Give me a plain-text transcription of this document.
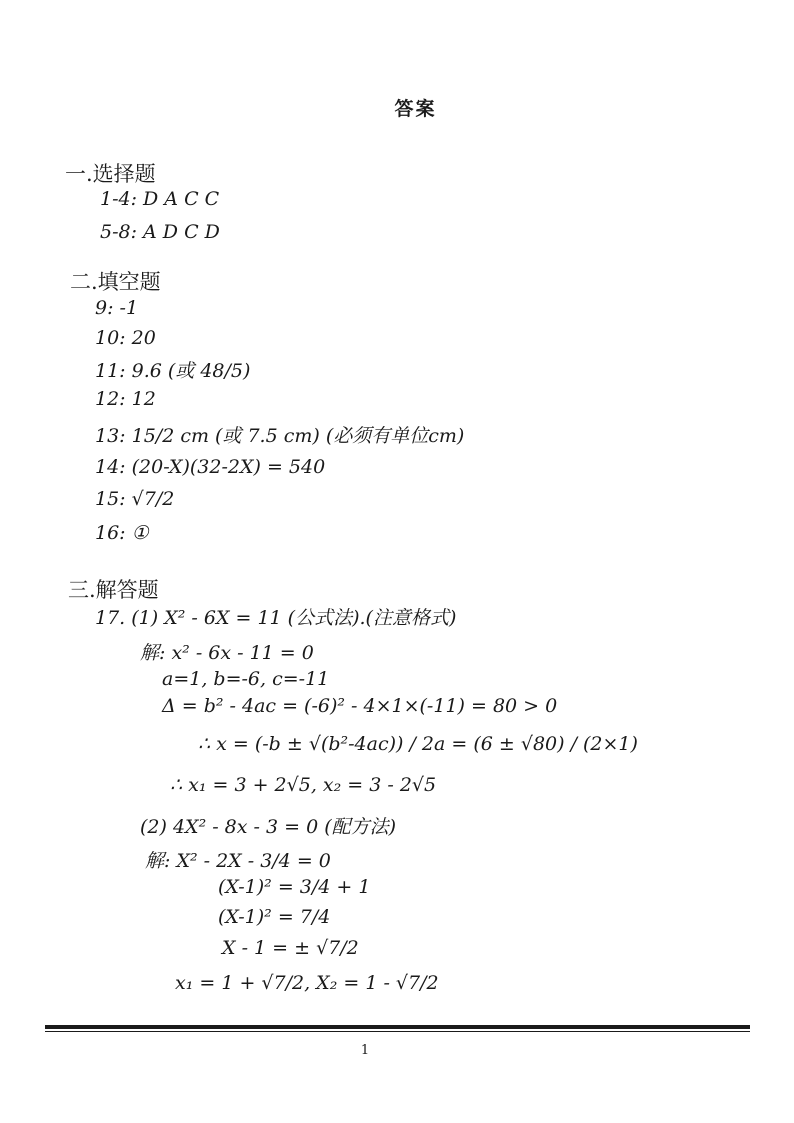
答案
一.选择题
1-4: D A C C
5-8: A D C D
二.填空题
9: -1
10: 20
11: 9.6 (或 48/5)
12: 12
13: 15/2 cm (或 7.5 cm) (必须有单位cm)
14: (20-X)(32-2X) = 540
15: √7/2
16: ①
三.解答题
17. (1) X² - 6X = 11 (公式法).(注意格式)
解: x² - 6x - 11 = 0
a=1, b=-6, c=-11
Δ = b² - 4ac = (-6)² - 4×1×(-11) = 80 > 0
∴ x = (-b ± √(b²-4ac)) / 2a = (6 ± √80) / (2×1)
∴ x₁ = 3 + 2√5, x₂ = 3 - 2√5
(2) 4X² - 8x - 3 = 0 (配方法)
解: X² - 2X - 3/4 = 0
(X-1)² = 3/4 + 1
(X-1)² = 7/4
X - 1 = ± √7/2
x₁ = 1 + √7/2, X₂ = 1 - √7/2
1
